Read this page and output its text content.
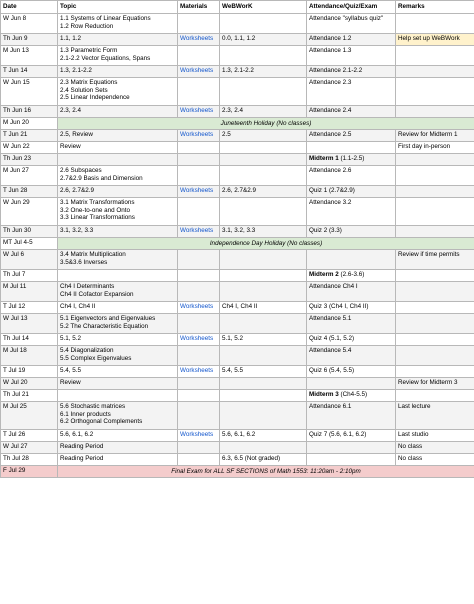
Date	Topic	Materials	WeBWorK	Attendance/Quiz/Exam	Remarks
W Jun 8	1.1 Systems of Linear Equations
1.2 Row Reduction			Attendance "syllabus quiz"	
Th Jun 9	1.1, 1.2	Worksheets	0.0, 1.1, 1.2	Attendance 1.2	Help set up WeBWork
M Jun 13	1.3 Parametric Form
2.1-2.2 Vector Equations, Spans			Attendance 1.3	
T Jun 14	1.3, 2.1-2.2	Worksheets	1.3, 2.1-2.2	Attendance 2.1-2.2	
W Jun 15	2.3 Matrix Equations
2.4 Solution Sets
2.5 Linear Independence			Attendance 2.3	
Th Jun 16	2.3, 2.4	Worksheets	2.3, 2.4	Attendance 2.4	
M Jun 20	Juneteenth Holiday (No classes)				
T Jun 21	2.5, Review	Worksheets	2.5	Attendance 2.5	Review for Midterm 1
W Jun 22	Review				First day in-person
Th Jun 23				Midterm 1 (1.1-2.5)	
M Jun 27	2.6 Subspaces
2.7&2.9 Basis and Dimension			Attendance 2.6	
T Jun 28	2.6, 2.7&2.9	Worksheets	2.6, 2.7&2.9	Quiz 1 (2.7&2.9)	
W Jun 29	3.1 Matrix Transformations
3.2 One-to-one and Onto
3.3 Linear Transformations			Attendance 3.2	
Th Jun 30	3.1, 3.2, 3.3	Worksheets	3.1, 3.2, 3.3	Quiz 2 (3.3)	
MT Jul 4-5	Independence Day Holiday (No classes)				
W Jul 6	3.4 Matrix Multiplication
3.5&3.6 Inverses				Review if time permits
Th Jul 7				Midterm 2 (2.6-3.6)	
M Jul 11	Ch4 I Determinants
Ch4 II Cofactor Expansion			Attendance Ch4 I	
T Jul 12	Ch4 I, Ch4 II	Worksheets	Ch4 I, Ch4 II	Quiz 3 (Ch4 I, Ch4 II)	
W Jul 13	5.1 Eigenvectors and Eigenvalues
5.2 The Characteristic Equation			Attendance 5.1	
Th Jul 14	5.1, 5.2	Worksheets	5.1, 5.2	Quiz 4 (5.1, 5.2)	
M Jul 18	5.4 Diagonalization
5.5 Complex Eigenvalues			Attendance 5.4	
T Jul 19	5.4, 5.5	Worksheets	5.4, 5.5	Quiz 6 (5.4, 5.5)	
W Jul 20	Review				Review for Midterm 3
Th Jul 21				Midterm 3 (Ch4-5.5)	
M Jul 25	5.6 Stochastic matrices
6.1 Inner products
6.2 Orthogonal Complements			Attendance 6.1	Last lecture
T Jul 26	5.6, 6.1, 6.2	Worksheets	5.6, 6.1, 6.2	Quiz 7 (5.6, 6.1, 6.2)	Last studio
W Jul 27	Reading Period				No class
Th Jul 28	Reading Period		6.3, 6.5 (Not graded)		No class
F Jul 29	Final Exam for ALL SF SECTIONS of Math 1553: 11:20am - 2:10pm				
